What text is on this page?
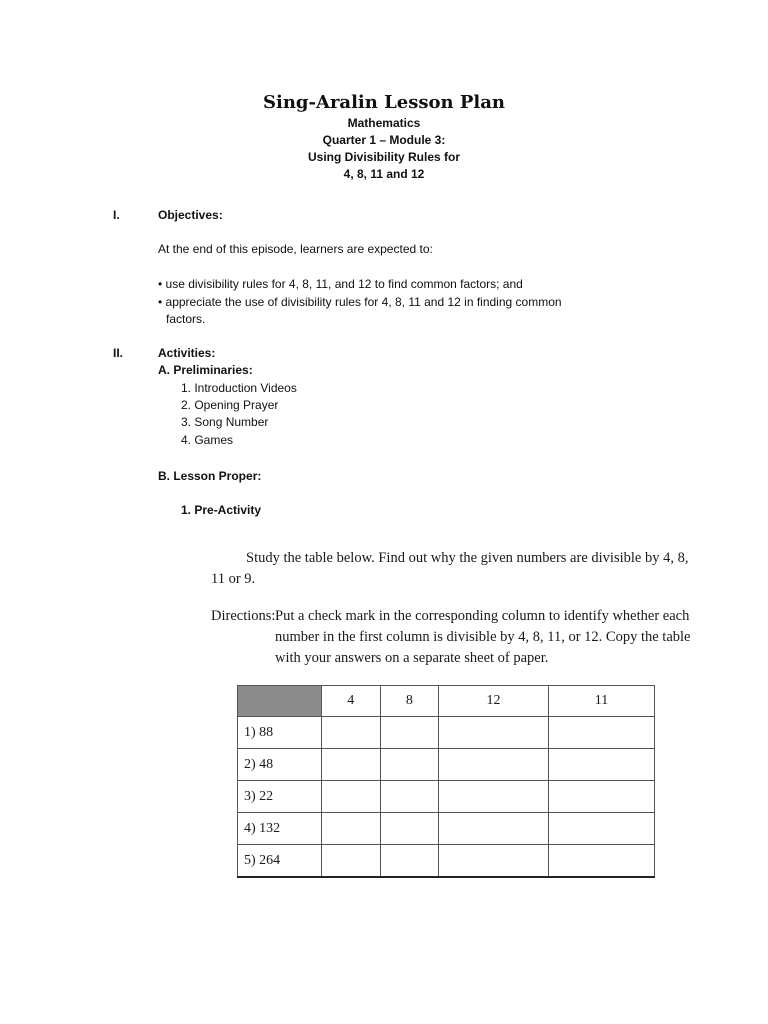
Sing-Aralin Lesson Plan
Mathematics
Quarter 1 – Module 3:
Using Divisibility Rules for
4, 8, 11 and 12
I.	Objectives:
At the end of this episode, learners are expected to:
• use divisibility rules for 4, 8, 11, and 12 to find common factors; and
• appreciate the use of divisibility rules for 4, 8, 11 and 12 in finding common
factors.
II.	Activities:
A. Preliminaries:
1. Introduction Videos
2. Opening Prayer
3. Song Number
4. Games
B. Lesson Proper:
1. Pre-Activity
Study the table below. Find out why the given numbers are divisible by 4, 8,
11 or 9.
Directions: Put a check mark in the corresponding column to identify whether each
number in the first column is divisible by 4, 8, 11, or 12. Copy the table
with your answers on a separate sheet of paper.
	4	8	12	11
1) 88				
2) 48				
3) 22				
4) 132				
5) 264				
